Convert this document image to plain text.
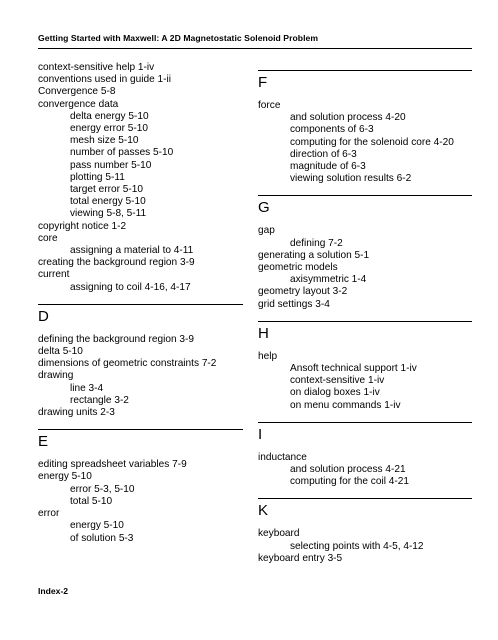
Getting Started with Maxwell: A 2D Magnetostatic Solenoid Problem
context-sensitive help 1-iv
conventions used in guide 1-ii
Convergence 5-8
convergence data
delta energy 5-10
energy error 5-10
mesh size 5-10
number of passes 5-10
pass number 5-10
plotting 5-11
target error 5-10
total energy 5-10
viewing 5-8, 5-11
copyright notice 1-2
core
assigning a material to 4-11
creating the background region 3-9
current
assigning to coil 4-16, 4-17
D
defining the background region 3-9
delta 5-10
dimensions of geometric constraints 7-2
drawing
line 3-4
rectangle 3-2
drawing units 2-3
E
editing spreadsheet variables 7-9
energy 5-10
error 5-3, 5-10
total 5-10
error
energy 5-10
of solution 5-3
F
force
and solution process 4-20
components of 6-3
computing for the solenoid core 4-20
direction of 6-3
magnitude of 6-3
viewing solution results 6-2
G
gap
defining 7-2
generating a solution 5-1
geometric models
axisymmetric 1-4
geometry layout 3-2
grid settings 3-4
H
help
Ansoft technical support 1-iv
context-sensitive 1-iv
on dialog boxes 1-iv
on menu commands 1-iv
I
inductance
and solution process 4-21
computing for the coil 4-21
K
keyboard
selecting points with 4-5, 4-12
keyboard entry 3-5
Index-2
